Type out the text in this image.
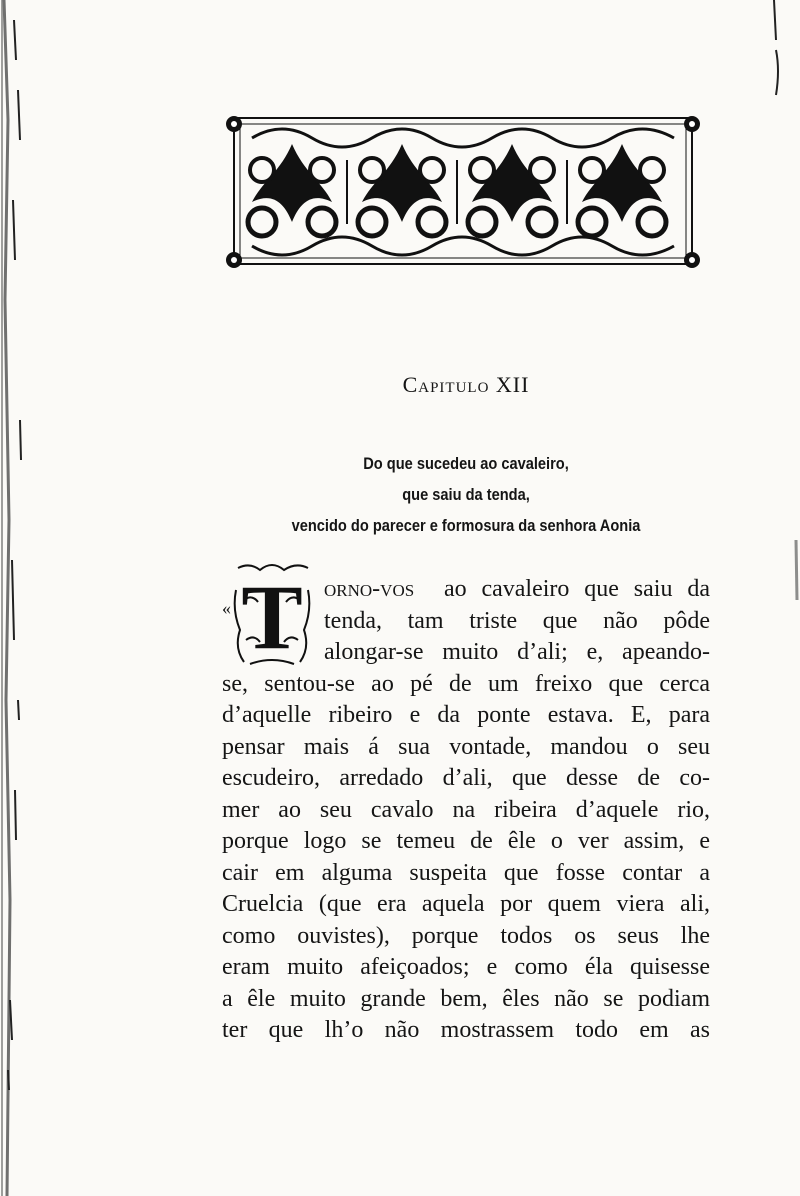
Capitulo XII
Do que sucedeu ao cavaleiro,
que saiu da tenda,
vencido do parecer e formosura da senhora Aonia
« T orno-vos ao cavaleiro que saiu da
tenda, tam triste que não pôde
alongar-se muito d’ali; e, apeando-
se, sentou-se ao pé de um freixo que cerca
d’aquelle ribeiro e da ponte estava. E, para
pensar mais á sua vontade, mandou o seu
escudeiro, arredado d’ali, que desse de co-
mer ao seu cavalo na ribeira d’aquele rio,
porque logo se temeu de êle o ver assim, e
cair em alguma suspeita que fosse contar a
Cruelcia (que era aquela por quem viera ali,
como ouvistes), porque todos os seus lhe
eram muito afeiçoados; e como éla quisesse
a êle muito grande bem, êles não se podiam
ter que lh’o não mostrassem todo em as
